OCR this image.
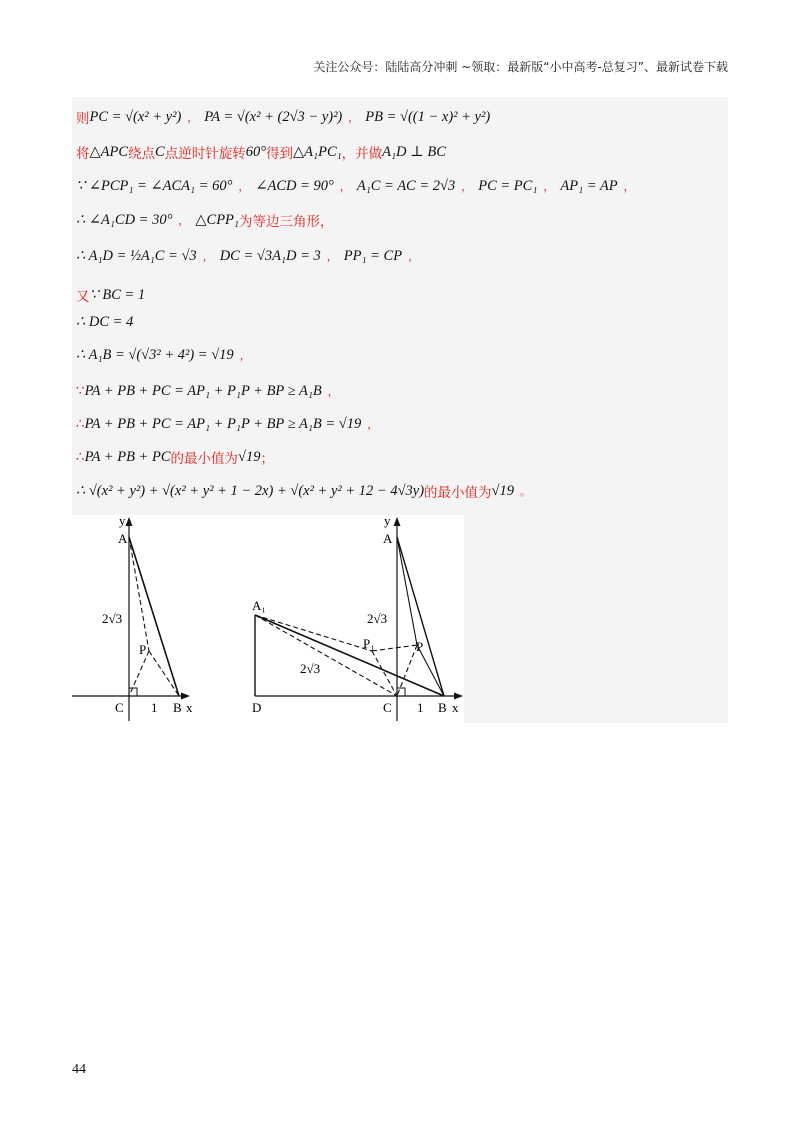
关注公众号：陆陆高分冲刺 ~领取：最新版“小中高考-总复习”、最新试卷下载
则 PC = √(x² + y²) ， PA = √(x² + (2√3 − y)²) ， PB = √((1 − x)² + y²)
将 △APC 绕点 C 点逆时针旋转 60° 得到 △A₁PC₁ ，并做 A₁D ⊥ BC
∵ ∠PCP₁ = ∠ACA₁ = 60° ， ∠ACD = 90° ， A₁C = AC = 2√3 ， PC = PC₁ ， AP₁ = AP ，
∴ ∠A₁CD = 30° ， △CPP₁ 为等边三角形，
∴ A₁D = ½A₁C = √3 ， DC = √3A₁D = 3 ， PP₁ = CP ，
又 ∵ BC = 1
∴ DC = 4
∴ A₁B = √(√3² + 4²) = √19 ，
∵ PA + PB + PC = AP₁ + P₁P + BP ≥ A₁B ，
∴ PA + PB + PC = AP₁ + P₁P + BP ≥ A₁B = √19 ，
∴ PA + PB + PC 的最小值为 √19 ；
∴ √(x² + y²) + √(x² + y² + 1 − 2x) + √(x² + y² + 12 − 4√3y) 的最小值为 √19 。
y
A
2√3
P
C 1 B x
y
A
A₁
2√3
2√3
P₁	P
D	C 1 B x
44
